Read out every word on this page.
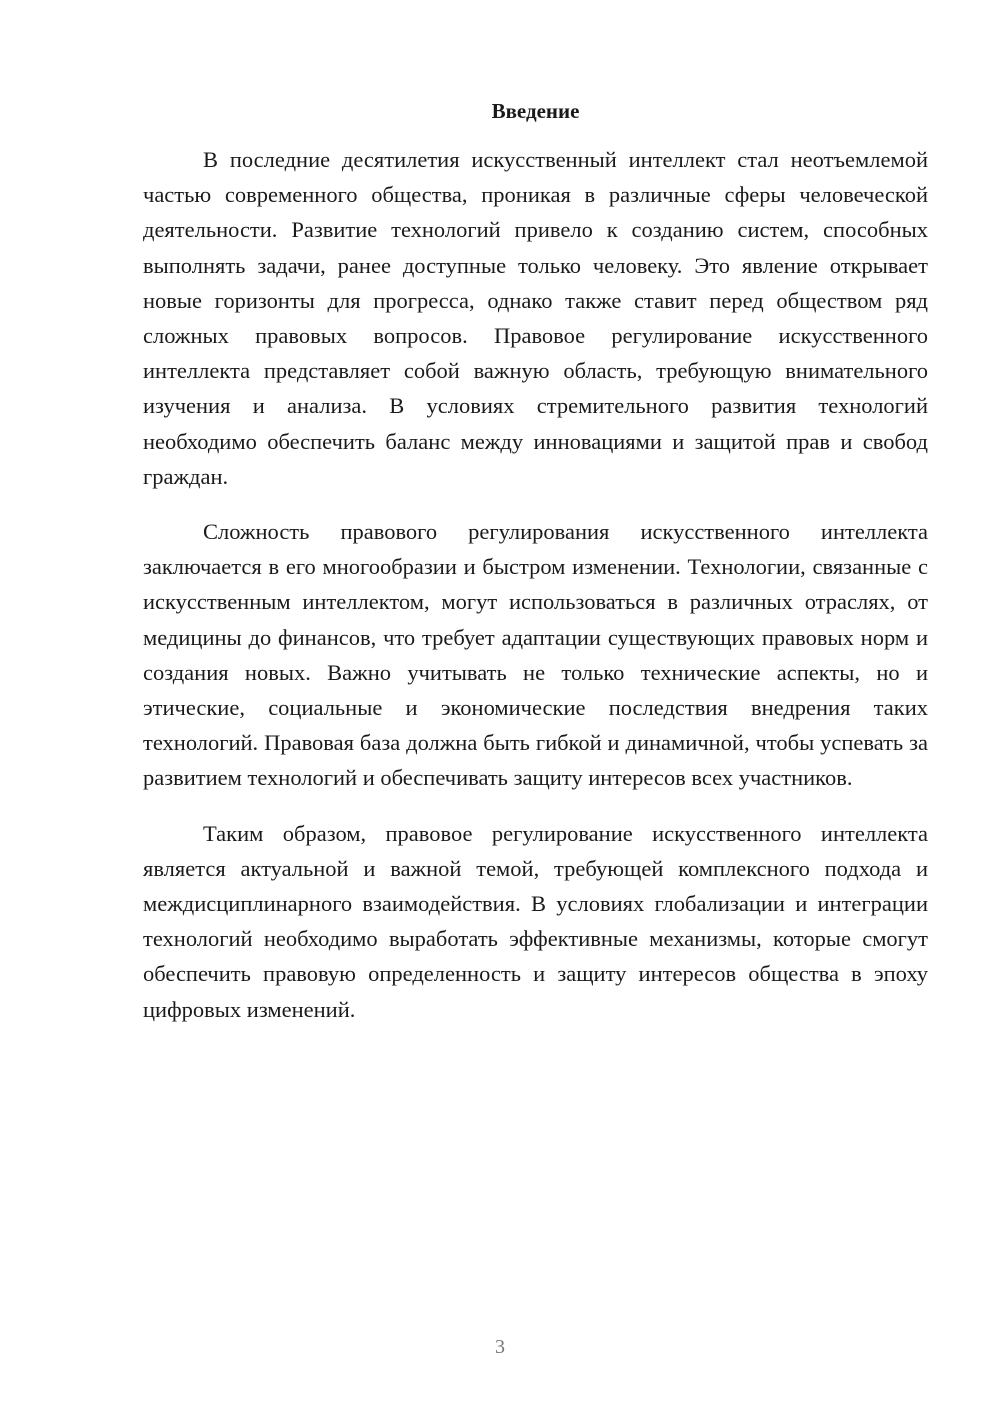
Введение

В последние десятилетия искусственный интеллект стал неотъемлемой частью современного общества, проникая в различные сферы человеческой деятельности. Развитие технологий привело к созданию систем, способных выполнять задачи, ранее доступные только человеку. Это явление открывает новые горизонты для прогресса, однако также ставит перед обществом ряд сложных правовых вопросов. Правовое регулирование искусственного интеллекта представляет собой важную область, требующую внимательного изучения и анализа. В условиях стремительного развития технологий необходимо обеспечить баланс между инновациями и защитой прав и свобод граждан.

Сложность правового регулирования искусственного интеллекта заключается в его многообразии и быстром изменении. Технологии, связанные с искусственным интеллектом, могут использоваться в различных отраслях, от медицины до финансов, что требует адаптации существующих правовых норм и создания новых. Важно учитывать не только технические аспекты, но и этические, социальные и экономические последствия внедрения таких технологий. Правовая база должна быть гибкой и динамичной, чтобы успевать за развитием технологий и обеспечивать защиту интересов всех участников.

Таким образом, правовое регулирование искусственного интеллекта является актуальной и важной темой, требующей комплексного подхода и междисциплинарного взаимодействия. В условиях глобализации и интеграции технологий необходимо выработать эффективные механизмы, которые смогут обеспечить правовую определенность и защиту интересов общества в эпоху цифровых изменений.

3
